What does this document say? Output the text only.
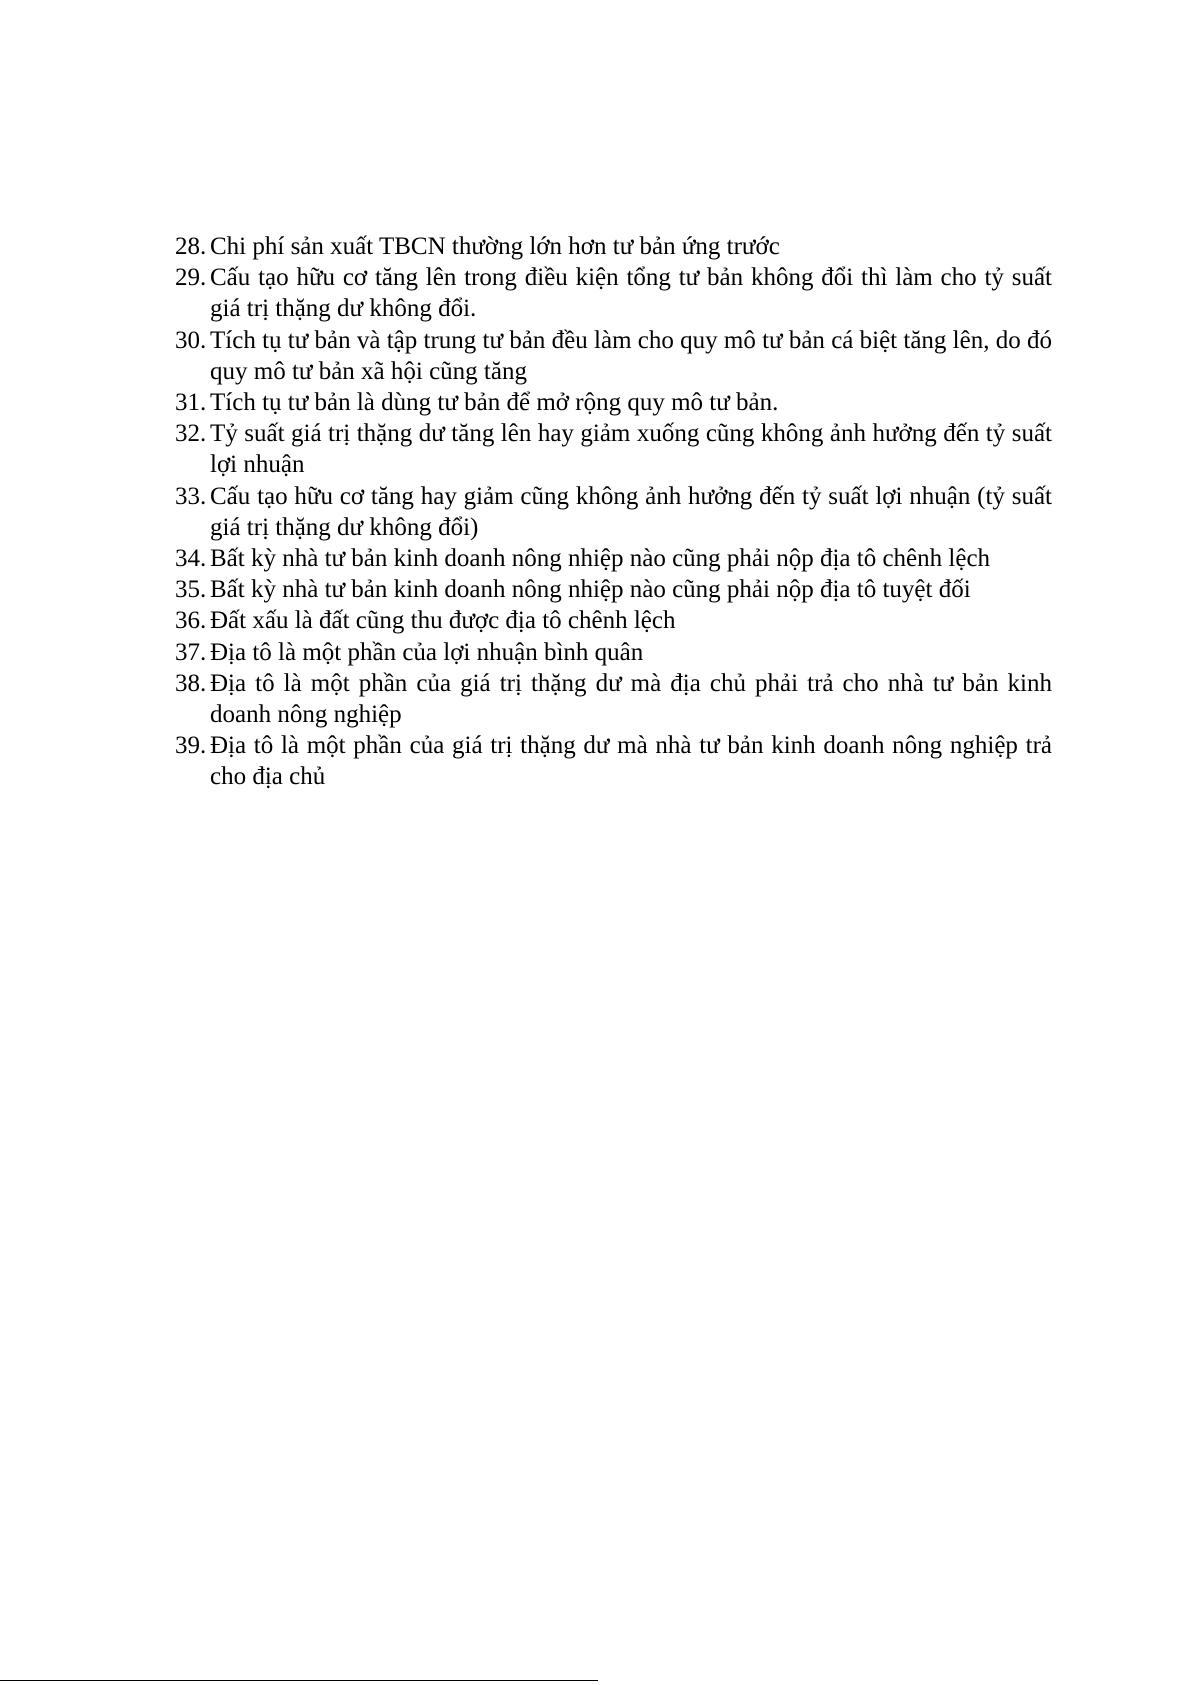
28. Chi phí sản xuất TBCN thường lớn hơn tư bản ứng trước
29. Cấu tạo hữu cơ tăng lên trong điều kiện tổng tư bản không đổi thì làm cho tỷ suất giá trị thặng dư không đổi.
30. Tích tụ tư bản và tập trung tư bản đều làm cho quy mô tư bản cá biệt tăng lên, do đó quy mô tư bản xã hội cũng tăng
31. Tích tụ tư bản là dùng tư bản để mở rộng quy mô tư bản.
32. Tỷ suất giá trị thặng dư tăng lên hay giảm xuống cũng không ảnh hưởng đến tỷ suất lợi nhuận
33. Cấu tạo hữu cơ tăng hay giảm cũng không ảnh hưởng đến tỷ suất lợi nhuận (tỷ suất giá trị thặng dư không đổi)
34. Bất kỳ nhà tư bản kinh doanh nông nhiệp nào cũng phải nộp địa tô chênh lệch
35.
Bất kỳ nhà tư bản kinh doanh nông nhiệp nào cũng phải nộp địa tô tuyệt đối
36.
Đất xấu là đất cũng thu được địa tô chênh lệch
37. Địa tô là một phần của lợi nhuận bình quân
38.
Địa tô là một phần của giá trị thặng dư mà địa chủ phải trả cho nhà tư bản kinh doanh nông nghiệp
39.
Địa tô là một phần của giá trị thặng dư mà nhà tư bản kinh doanh nông nghiệp trả cho địa chủ
